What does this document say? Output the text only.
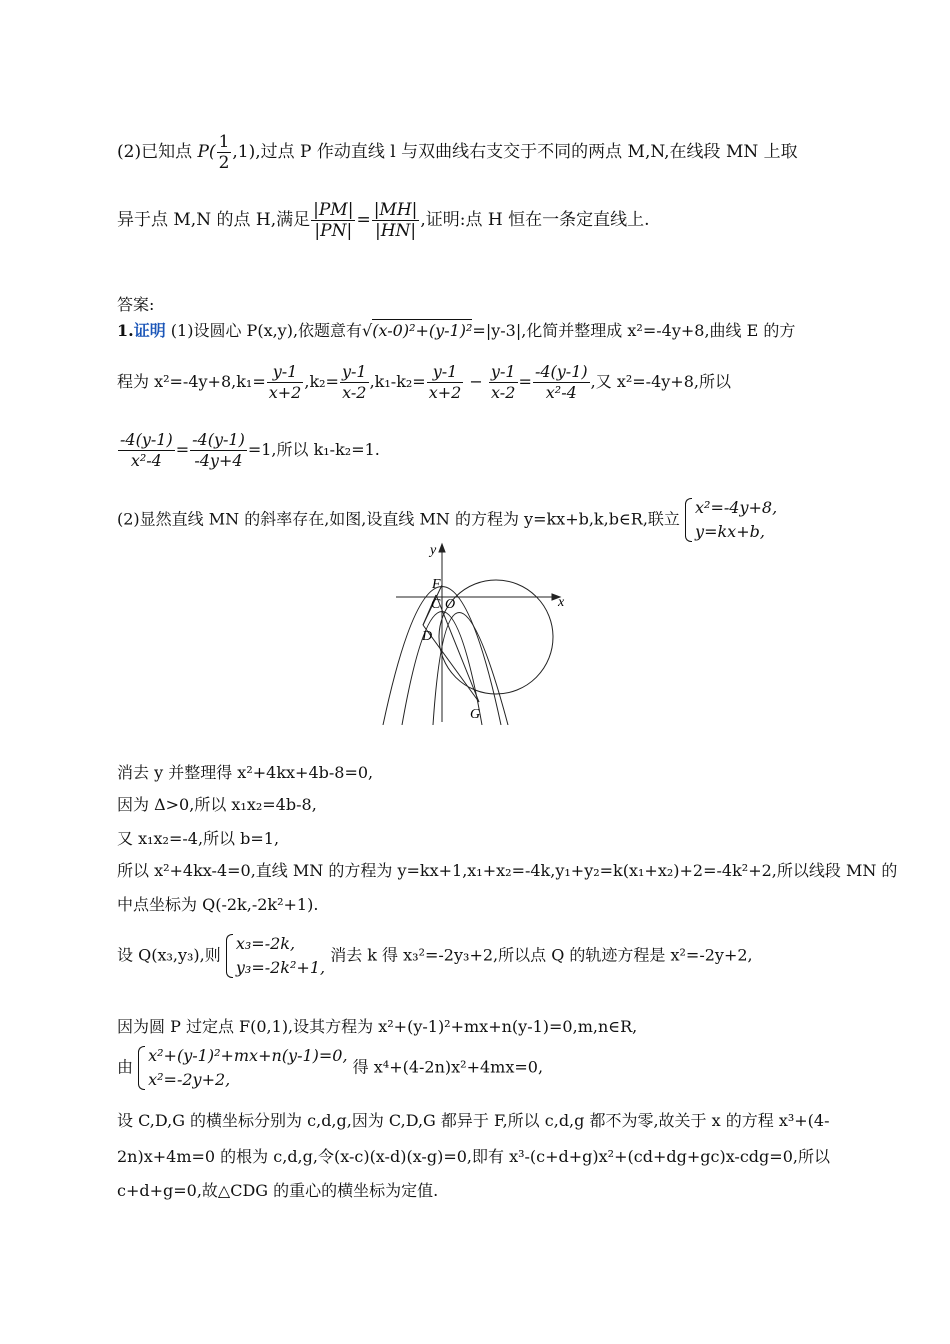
(2)已知点 $P( \frac{1}{2} ,1)$,过点 P 作动直线 l 与双曲线右支交于不同的两点 M,N,在线段 MN 上取
异于点 M,N 的点 H,满足 $\frac{|PM|}{|PN|} = \frac{|MH|}{|HN|}$ ,证明:点 H 恒在一条定直线上.
答案:
1.证明 (1)设圆心 P(x,y),依题意有√(x-0)²+(y-1)²=|y-3|,化简并整理成 x²=-4y+8,曲线 E 的方
程为 $x^2=-4y+8,k_1= \frac{y-1}{x+2} ,k_2= \frac{y-1}{x-2} ,k_1-k_2= \frac{y-1}{x+2} - \frac{y-1}{x-2} = \frac{-4(y-1)}{\text{x²-4}}$ ,又 x²=-4y+8,所以
$\frac{-4(y-1)}{\text{x²-4}} = \frac{-4(y-1)}{-4y+4} =1$,所以 k₁-k₂=1.
(2)显然直线 MN 的斜率存在,如图,设直线 MN 的方程为 y=kx+b,k,b∈R,联立
x²=-4y+8,
y=kx+b,
x
y
F
C O
D
G
消去 y 并整理得 x²+4kx+4b-8=0,
因为 Δ>0,所以 x₁x₂=4b-8,
又 x₁x₂=-4,所以 b=1,
所以 x²+4kx-4=0,直线 MN 的方程为 y=kx+1,x₁+x₂=-4k,y₁+y₂=k(x₁+x₂)+2=-4k²+2,所以线段 MN 的
中点坐标为 Q(-2k,-2k²+1).
设 Q(x₃,y₃),则
x₃=-2k,
y₃=-2k²+1,
消去 k 得 x₃²=-2y₃+2,所以点 Q 的轨迹方程是 x²=-2y+2,
因为圆 P 过定点 F(0,1),设其方程为 x²+(y-1)²+mx+n(y-1)=0,m,n∈R,
由
x²+(y-1)²+mx+n(y-1)=0,
x²=-2y+2,
得 x⁴+(4-2n)x²+4mx=0,
设 C,D,G 的横坐标分别为 c,d,g,因为 C,D,G 都异于 F,所以 c,d,g 都不为零,故关于 x 的方程 x³+(4-
2n)x+4m=0 的根为 c,d,g,令(x-c)(x-d)(x-g)=0,即有 x³-(c+d+g)x²+(cd+dg+gc)x-cdg=0,所以
c+d+g=0,故△CDG 的重心的横坐标为定值.
